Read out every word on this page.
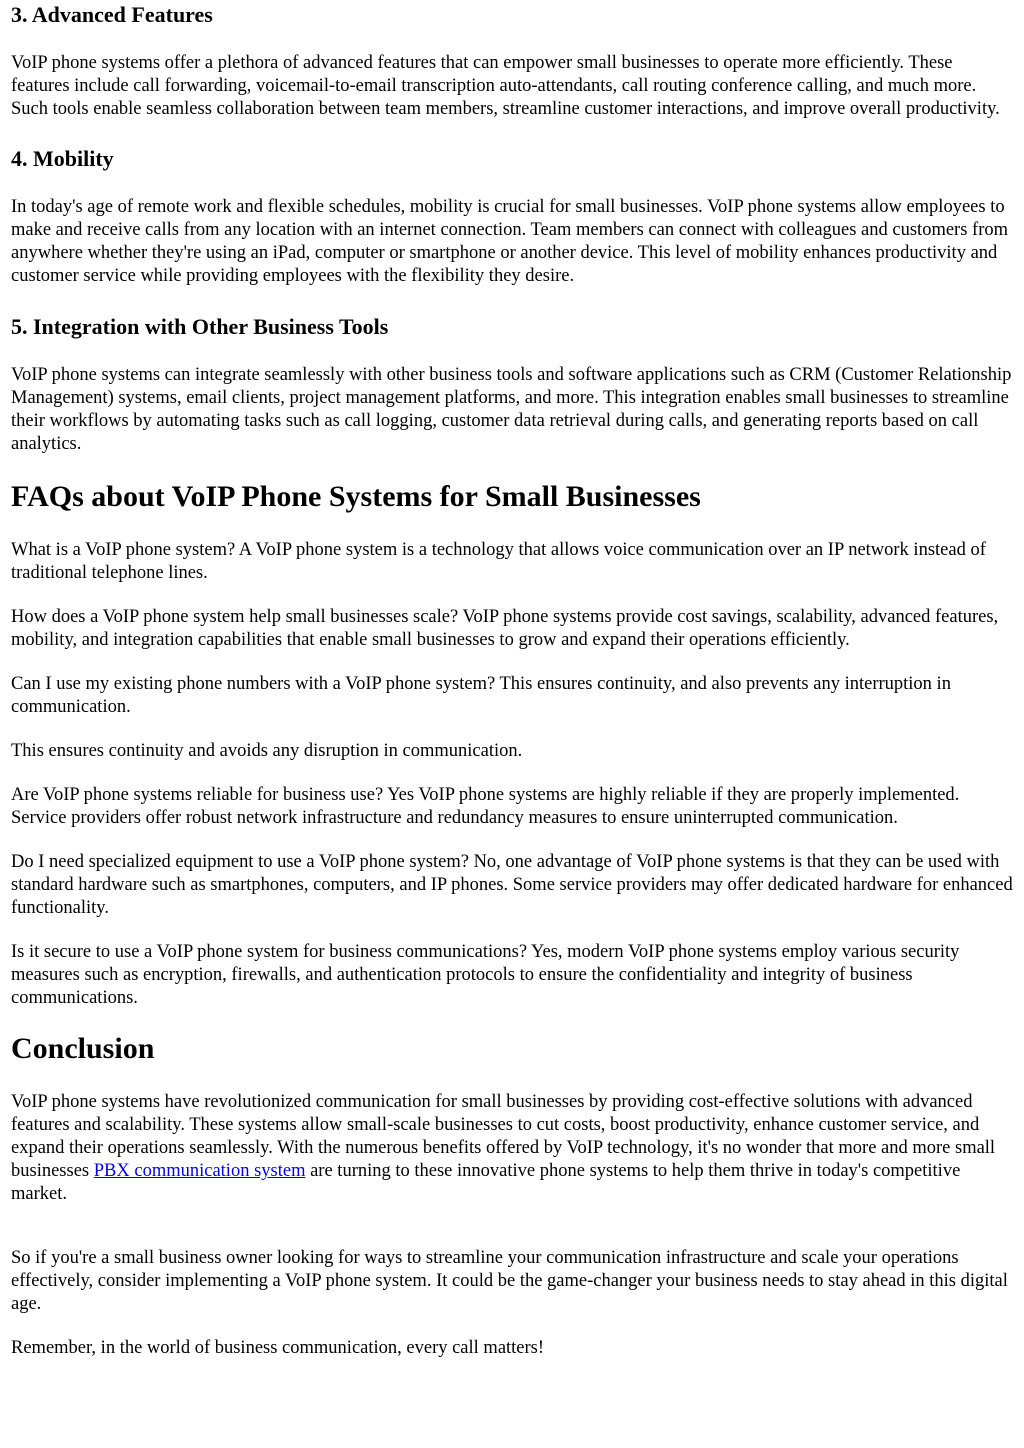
3. Advanced Features

VoIP phone systems offer a plethora of advanced features that can empower small businesses to operate more efficiently. These features include call forwarding, voicemail-to-email transcription auto-attendants, call routing conference calling, and much more. Such tools enable seamless collaboration between team members, streamline customer interactions, and improve overall productivity.

4. Mobility

In today's age of remote work and flexible schedules, mobility is crucial for small businesses. VoIP phone systems allow employees to make and receive calls from any location with an internet connection. Team members can connect with colleagues and customers from anywhere whether they're using an iPad, computer or smartphone or another device. This level of mobility enhances productivity and customer service while providing employees with the flexibility they desire.

5. Integration with Other Business Tools

VoIP phone systems can integrate seamlessly with other business tools and software applications such as CRM (Customer Relationship Management) systems, email clients, project management platforms, and more. This integration enables small businesses to streamline their workflows by automating tasks such as call logging, customer data retrieval during calls, and generating reports based on call analytics.

FAQs about VoIP Phone Systems for Small Businesses

What is a VoIP phone system? A VoIP phone system is a technology that allows voice communication over an IP network instead of traditional telephone lines.

How does a VoIP phone system help small businesses scale? VoIP phone systems provide cost savings, scalability, advanced features, mobility, and integration capabilities that enable small businesses to grow and expand their operations efficiently.

Can I use my existing phone numbers with a VoIP phone system? This ensures continuity, and also prevents any interruption in communication.

This ensures continuity and avoids any disruption in communication.

Are VoIP phone systems reliable for business use? Yes VoIP phone systems are highly reliable if they are properly implemented. Service providers offer robust network infrastructure and redundancy measures to ensure uninterrupted communication.

Do I need specialized equipment to use a VoIP phone system? No, one advantage of VoIP phone systems is that they can be used with standard hardware such as smartphones, computers, and IP phones. Some service providers may offer dedicated hardware for enhanced functionality.

Is it secure to use a VoIP phone system for business communications? Yes, modern VoIP phone systems employ various security measures such as encryption, firewalls, and authentication protocols to ensure the confidentiality and integrity of business communications.

Conclusion

VoIP phone systems have revolutionized communication for small businesses by providing cost-effective solutions with advanced features and scalability. These systems allow small-scale businesses to cut costs, boost productivity, enhance customer service, and expand their operations seamlessly. With the numerous benefits offered by VoIP technology, it's no wonder that more and more small businesses PBX communication system are turning to these innovative phone systems to help them thrive in today's competitive market.

So if you're a small business owner looking for ways to streamline your communication infrastructure and scale your operations effectively, consider implementing a VoIP phone system. It could be the game-changer your business needs to stay ahead in this digital age.

Remember, in the world of business communication, every call matters!
